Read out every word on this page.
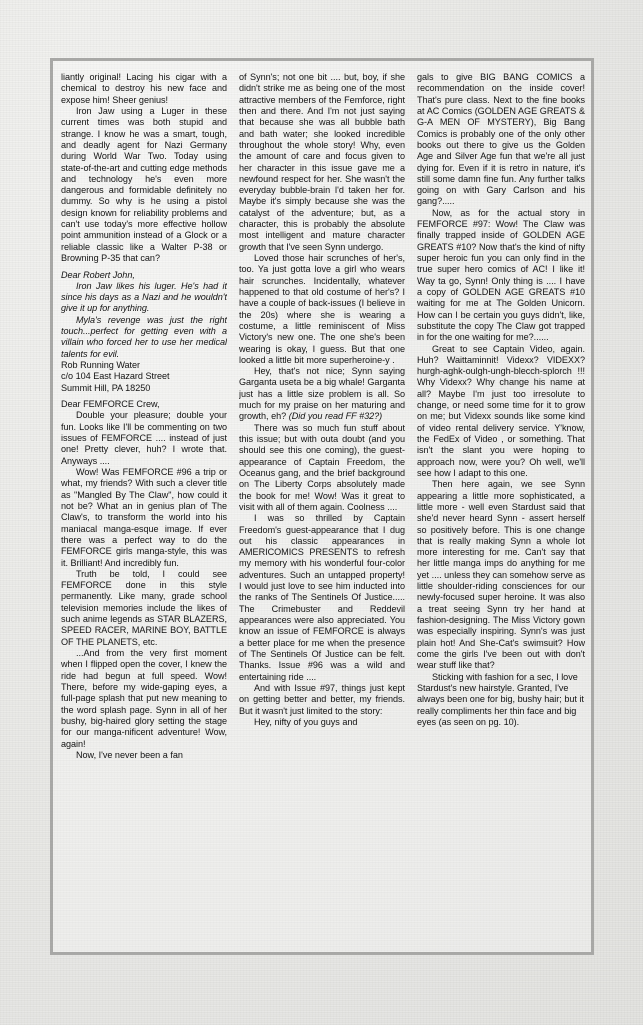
liantly original! Lacing his cigar with a chemical to destroy his new face and expose him! Sheer genius!

Iron Jaw using a Luger in these current times was both stupid and strange. I know he was a smart, tough, and deadly agent for Nazi Germany during World War Two. Today using state-of-the-art and cutting edge methods and technology he's even more dangerous and formidable definitely no dummy. So why is he using a pistol design known for reliability problems and can't use today's more effective hollow point ammunition instead of a Glock or a reliable classic like a Walter P-38 or Browning P-35 that can?

Dear Robert John,

Iron Jaw likes his luger. He's had it since his days as a Nazi and he wouldn't give it up for anything.

Myla's revenge was just the right touch...perfect for getting even with a villain who forced her to use her medical talents for evil.

Rob Running Water

c/o 104 East Hazard Street

Summit Hill, PA 18250

Dear FEMFORCE Crew,

Double your pleasure; double your fun. Looks like I'll be commenting on two issues of FEMFORCE .... instead of just one! Pretty clever, huh? I wrote that. Anyways ....

Wow! Was FEMFORCE #96 a trip or what, my friends? With such a clever title as "Mangled By The Claw", how could it not be? What an in genius plan of The Claw's, to transform the world into his maniacal manga-esque image. If ever there was a perfect way to do the FEMFORCE girls manga-style, this was it. Brilliant! And incredibly fun.

Truth be told, I could see FEMFORCE done in this style permanently. Like many, grade school television memories include the likes of such anime legends as STAR BLAZERS, SPEED RACER, MARINE BOY, BATTLE OF THE PLANETS, etc.

...And from the very first moment when I flipped open the cover, I knew the ride had begun at full speed. Wow! There, before my wide-gaping eyes, a full-page splash that put new meaning to the word splash page. Synn in all of her bushy, big-haired glory setting the stage for our manga-nificent adventure! Wow, again!

Now, I've never been a fan

of Synn's; not one bit .... but, boy, if she didn't strike me as being one of the most attractive members of the Femforce, right then and there. And I'm not just saying that because she was all bubble bath and bath water; she looked incredible throughout the whole story! Why, even the amount of care and focus given to her character in this issue gave me a newfound respect for her. She wasn't the everyday bubble-brain I'd taken her for. Maybe it's simply because she was the catalyst of the adventure; but, as a character, this is probably the absolute most intelligent and mature character growth that I've seen Synn undergo.

Loved those hair scrunches of her's, too. Ya just gotta love a girl who wears hair scrunches. Incidentally, whatever happened to that old costume of her's? I have a couple of back-issues (I believe in the 20s) where she is wearing a costume, a little reminiscent of Miss Victory's new one. The one she's been wearing is okay, I guess. But that one looked a little bit more superheroine-y .

Hey, that's not nice; Synn saying Garganta useta be a big whale! Garganta just has a little size problem is all. So much for my praise on her maturing and growth, eh? (Did you read FF #32?)

There was so much fun stuff about this issue; but with outa doubt (and you should see this one coming), the guest-appearance of Captain Freedom, the Oceanus gang, and the brief background on The Liberty Corps absolutely made the book for me! Wow! Was it great to visit with all of them again. Coolness ....

I was so thrilled by Captain Freedom's guest-appearance that I dug out his classic appearances in AMERICOMICS PRESENTS to refresh my memory with his wonderful four-color adventures. Such an untapped property! I would just love to see him inducted into the ranks of The Sentinels Of Justice..... The Crimebuster and Reddevil appearances were also appreciated. You know an issue of FEMFORCE is always a better place for me when the presence of The Sentinels Of Justice can be felt. Thanks. Issue #96 was a wild and entertaining ride ....

And with Issue #97, things just kept on getting better and better, my friends. But it wasn't just limited to the story:

Hey, nifty of you guys and

gals to give BIG BANG COMICS a recommendation on the inside cover! That's pure class. Next to the fine books at AC Comics (GOLDEN AGE GREATS & G-A MEN OF MYSTERY), Big Bang Comics is probably one of the only other books out there to give us the Golden Age and Silver Age fun that we're all just dying for. Even if it is retro in nature, it's still some damn fine fun. Any further talks going on with Gary Carlson and his gang?.....

Now, as for the actual story in FEMFORCE #97: Wow! The Claw was finally trapped inside of GOLDEN AGE GREATS #10? Now that's the kind of nifty super heroic fun you can only find in the true super hero comics of AC! I like it! Way ta go, Synn! Only thing is .... I have a copy of GOLDEN AGE GREATS #10 waiting for me at The Golden Unicorn. How can I be certain you guys didn't, like, substitute the copy The Claw got trapped in for the one waiting for me?......

Great to see Captain Video, again. Huh? Waittaminnit! Videxx? VIDEXX? hurgh-aghk-oulgh-ungh-blecch-splorch !!! Why Videxx? Why change his name at all? Maybe I'm just too irresolute to change, or need some time for it to grow on me; but Videxx sounds like some kind of video rental delivery service. Y'know, the FedEx of Video , or something. That isn't the slant you were hoping to approach now, were you? Oh well, we'll see how I adapt to this one.

Then here again, we see Synn appearing a little more sophisticated, a little more - well even Stardust said that she'd never heard Synn - assert herself so positively before. This is one change that is really making Synn a whole lot more interesting for me. Can't say that her little manga imps do anything for me yet .... unless they can somehow serve as little shoulder-riding consciences for our newly-focused super heroine. It was also a treat seeing Synn try her hand at fashion-designing. The Miss Victory gown was especially inspiring. Synn's was just plain hot! And She-Cat's swimsuit? How come the girls I've been out with don't wear stuff like that?

Sticking with fashion for a sec, I love Stardust's new hairstyle. Granted, I've always been one for big, bushy hair; but it really compliments her thin face and big eyes (as seen on pg. 10).
